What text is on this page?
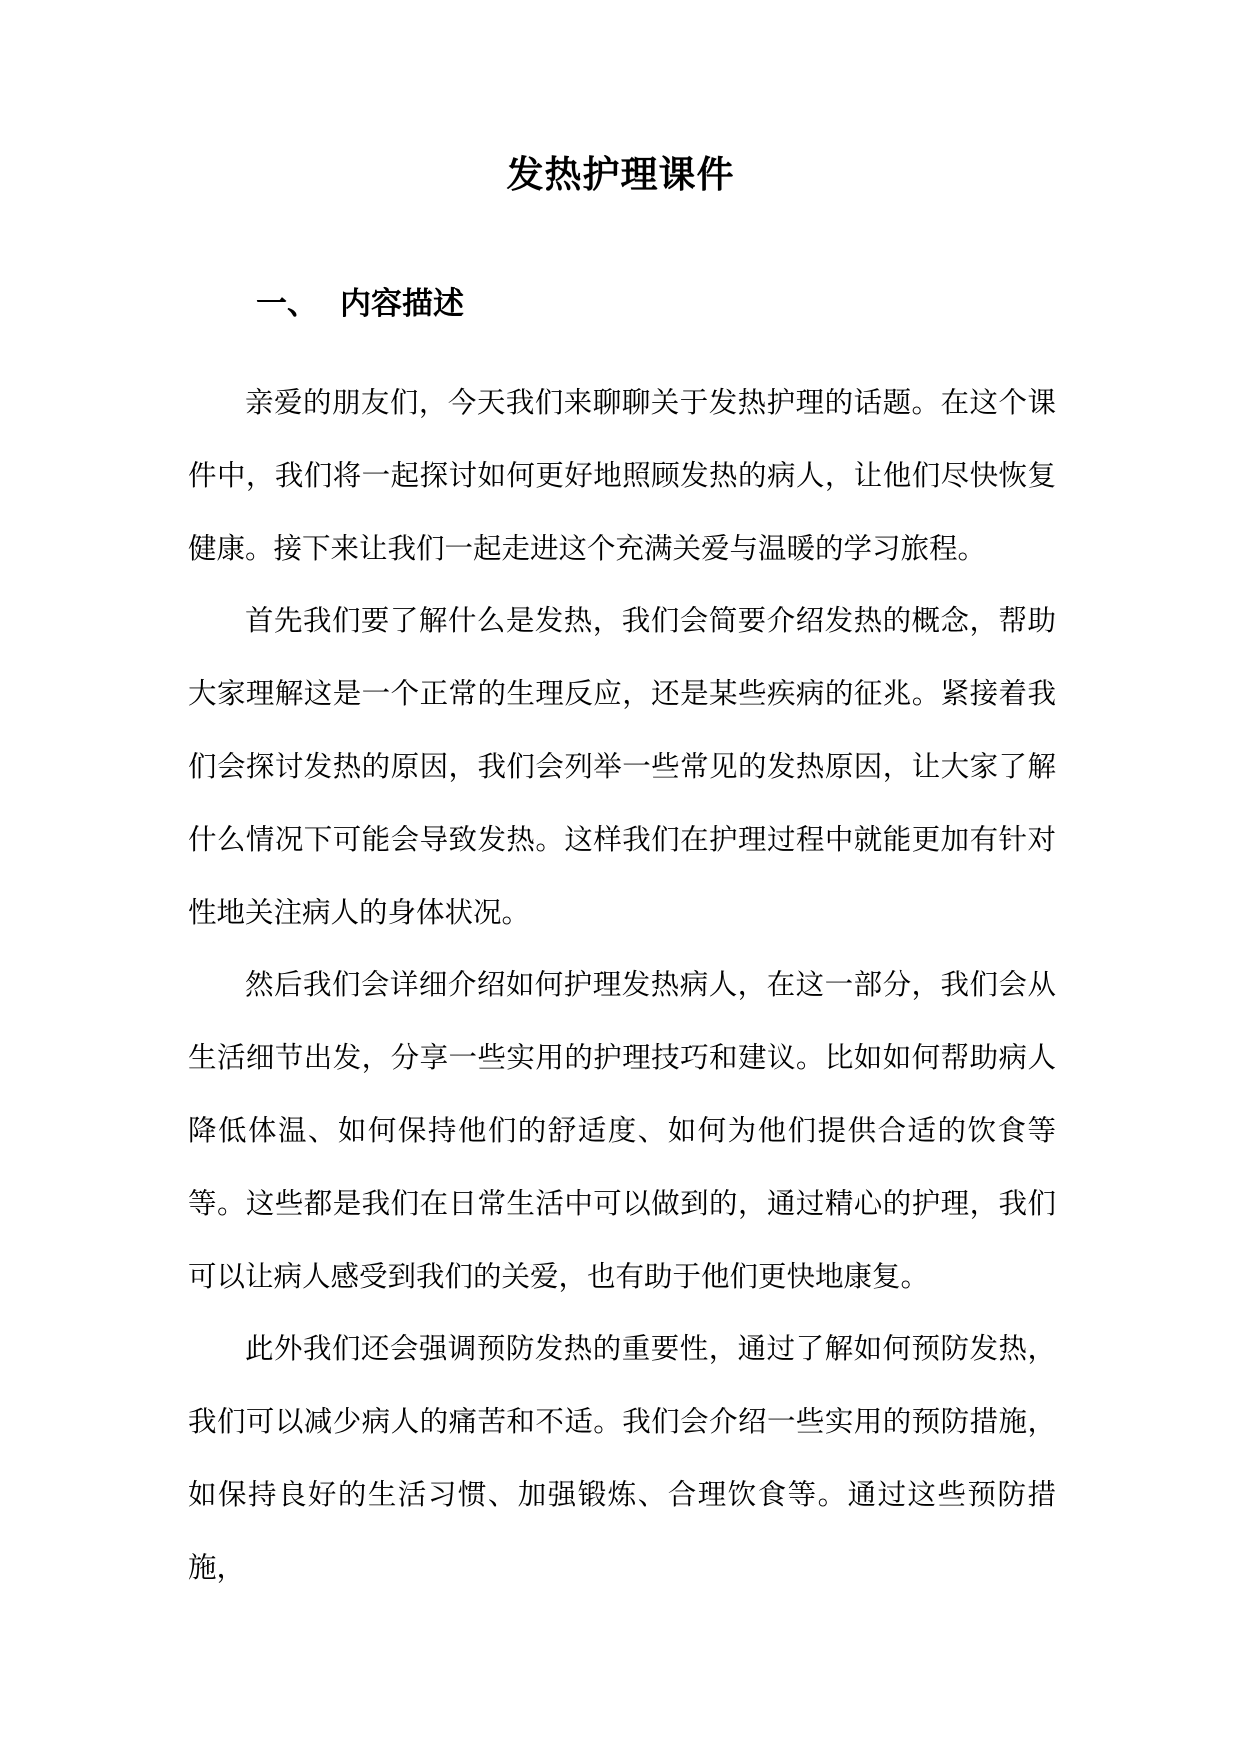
发热护理课件
一、 内容描述

亲爱的朋友们，今天我们来聊聊关于发热护理的话题。在这个课件中，我们将一起探讨如何更好地照顾发热的病人，让他们尽快恢复健康。接下来让我们一起走进这个充满关爱与温暖的学习旅程。

首先我们要了解什么是发热，我们会简要介绍发热的概念，帮助大家理解这是一个正常的生理反应，还是某些疾病的征兆。紧接着我们会探讨发热的原因，我们会列举一些常见的发热原因，让大家了解什么情况下可能会导致发热。这样我们在护理过程中就能更加有针对性地关注病人的身体状况。

然后我们会详细介绍如何护理发热病人，在这一部分，我们会从生活细节出发，分享一些实用的护理技巧和建议。比如如何帮助病人降低体温、如何保持他们的舒适度、如何为他们提供合适的饮食等等。这些都是我们在日常生活中可以做到的，通过精心的护理，我们可以让病人感受到我们的关爱，也有助于他们更快地康复。

此外我们还会强调预防发热的重要性，通过了解如何预防发热，我们可以减少病人的痛苦和不适。我们会介绍一些实用的预防措施，如保持良好的生活习惯、加强锻炼、合理饮食等。通过这些预防措施，
